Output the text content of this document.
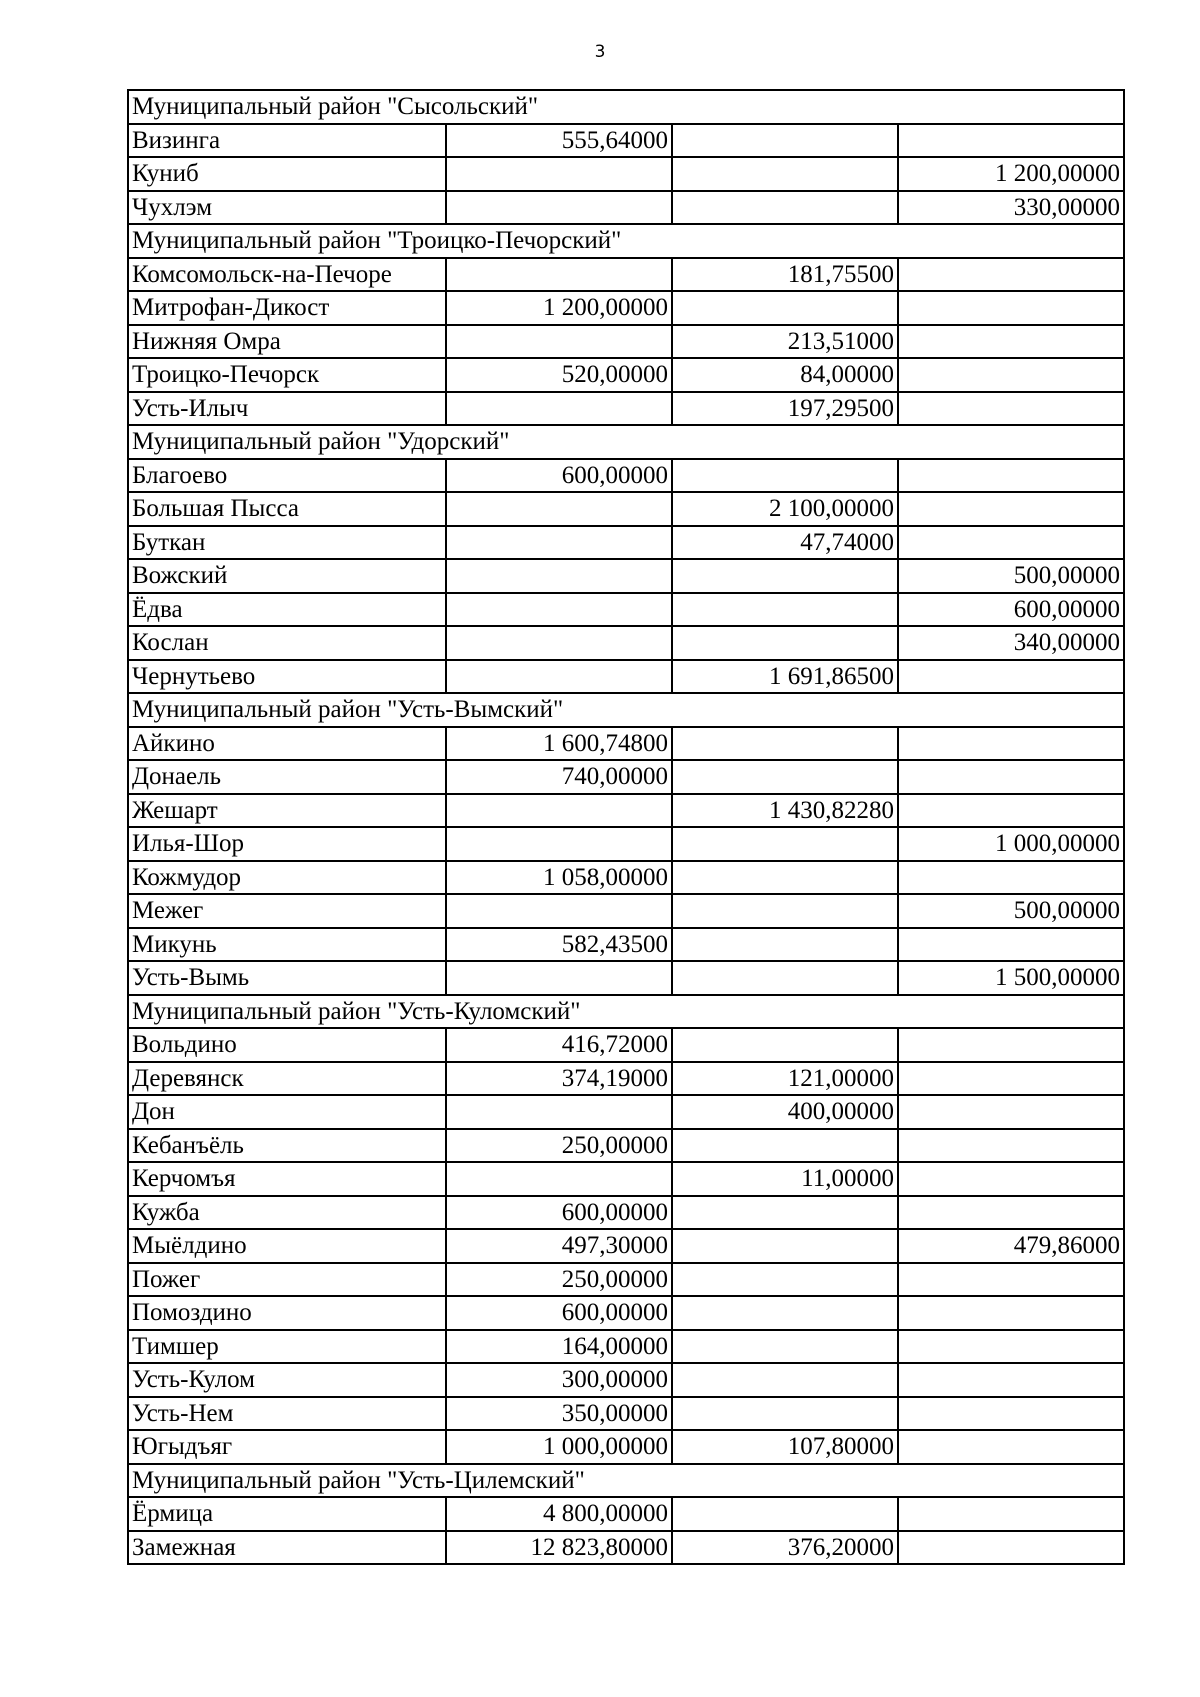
3
Муниципальный район "Сысольский"			
Визинга	555,64000		
Куниб			1 200,00000
Чухлэм			330,00000
Муниципальный район "Троицко-Печорский"			
Комсомольск-на-Печоре		181,75500	
Митрофан-Дикост	1 200,00000		
Нижняя Омра		213,51000	
Троицко-Печорск	520,00000	84,00000	
Усть-Илыч		197,29500	
Муниципальный район "Удорский"			
Благоево	600,00000		
Большая Пысса		2 100,00000	
Буткан		47,74000	
Вожский			500,00000
Ёдва			600,00000
Кослан			340,00000
Чернутьево		1 691,86500	
Муниципальный район "Усть-Вымский"			
Айкино	1 600,74800		
Донаель	740,00000		
Жешарт		1 430,82280	
Илья-Шор			1 000,00000
Кожмудор	1 058,00000		
Межег			500,00000
Микунь	582,43500		
Усть-Вымь			1 500,00000
Муниципальный район "Усть-Куломский"			
Вольдино	416,72000		
Деревянск	374,19000	121,00000	
Дон		400,00000	
Кебанъёль	250,00000		
Керчомъя		11,00000	
Кужба	600,00000		
Мыёлдино	497,30000		479,86000
Пожег	250,00000		
Помоздино	600,00000		
Тимшер	164,00000		
Усть-Кулом	300,00000		
Усть-Нем	350,00000		
Югыдъяг	1 000,00000	107,80000	
Муниципальный район "Усть-Цилемский"			
Ёрмица	4 800,00000		
Замежная	12 823,80000	376,20000	
